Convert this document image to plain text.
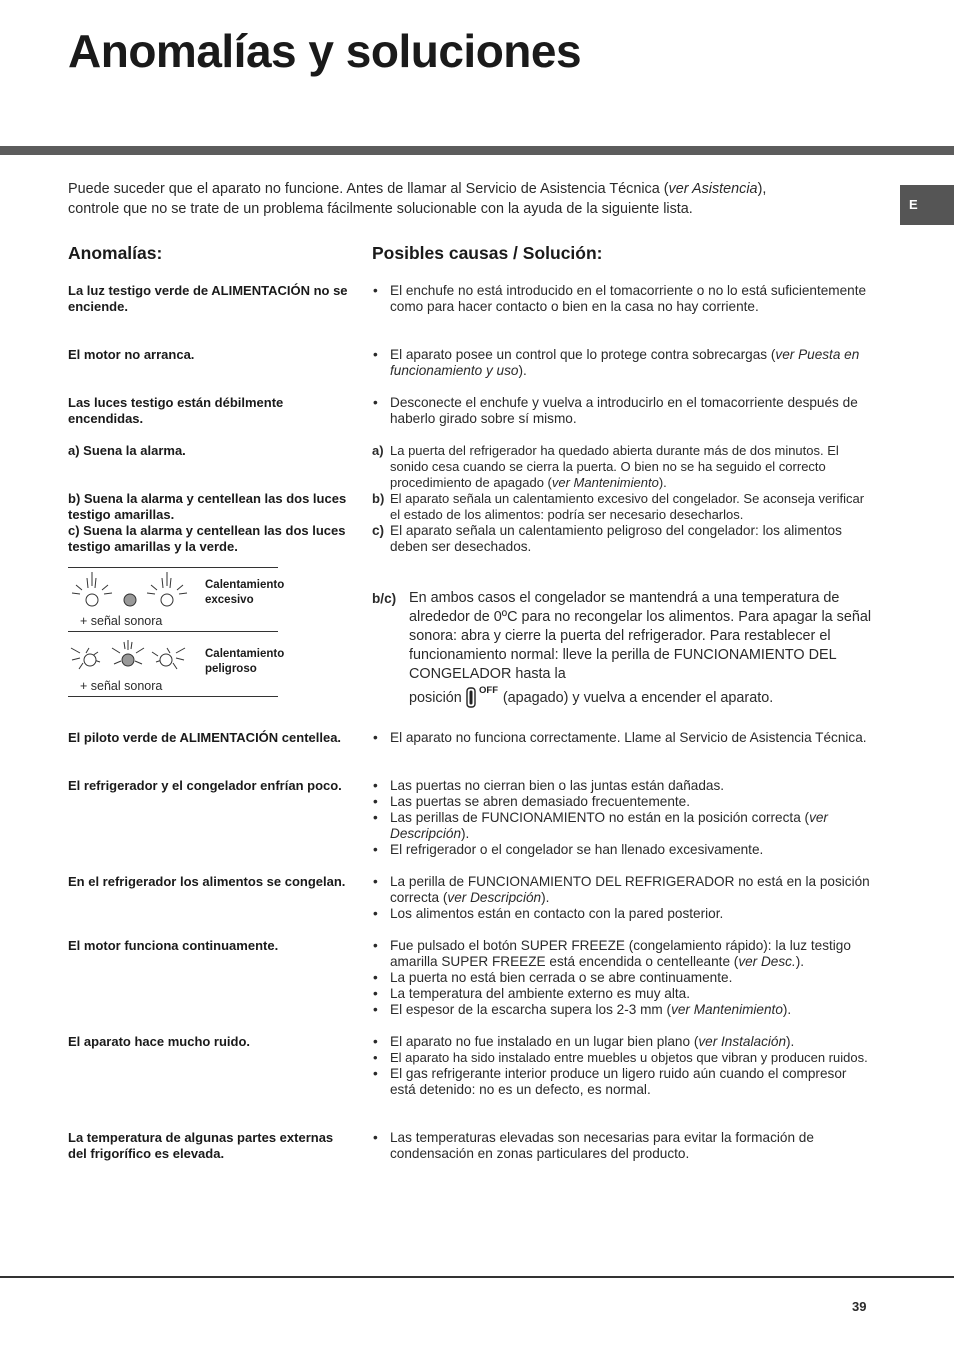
Anomalías y soluciones
E
Puede suceder que el aparato no funcione. Antes de llamar al Servicio de Asistencia Técnica (ver Asistencia),
controle que no se trate de un problema fácilmente solucionable con la ayuda de la siguiente lista.
Anomalías:	Posibles causas / Solución:
La luz testigo verde de ALIMENTACIÓN no se enciende.
El motor no arranca.
Las luces testigo están débilmente encendidas.
a) Suena la alarma.
b) Suena la alarma y centellean las dos luces testigo amarillas.
c) Suena la alarma y centellean las dos luces testigo amarillas y la verde.
Calentamiento excesivo
+ señal sonora
Calentamiento peligroso
+ señal sonora
El piloto verde de ALIMENTACIÓN centellea.
El refrigerador y el congelador enfrían poco.
En el refrigerador los alimentos se congelan.
El motor funciona continuamente.
El aparato hace mucho ruido.
La temperatura de algunas partes externas del frigorífico es elevada.
• El enchufe no está introducido en el tomacorriente o no lo está suficientemente como para hacer contacto o bien en la casa no hay corriente.
• El aparato posee un control que lo protege contra sobrecargas (ver Puesta en funcionamiento y uso).
• Desconecte el enchufe y vuelva a introducirlo en el tomacorriente después de haberlo girado sobre sí mismo.
a) La puerta del refrigerador ha quedado abierta durante más de dos minutos. El sonido cesa cuando se cierra la puerta. O bien no se ha seguido el correcto procedimiento de apagado (ver Mantenimiento).
b) El aparato señala un calentamiento excesivo del congelador. Se aconseja verificar el estado de los alimentos: podría ser necesario desecharlos.
c) El aparato señala un calentamiento peligroso del congelador: los alimentos deben ser desechados.
b/c) En ambos casos el congelador se mantendrá a una temperatura de alrededor de 0ºC para no recongelar los alimentos. Para apagar la señal sonora: abra y cierre la puerta del refrigerador. Para restablecer el funcionamiento normal: lleve la perilla de FUNCIONAMIENTO DEL CONGELADOR hasta la
posición OFF (apagado) y vuelva a encender el aparato.
• El aparato no funciona correctamente. Llame al Servicio de Asistencia Técnica.
• Las puertas no cierran bien o las juntas están dañadas.
• Las puertas se abren demasiado frecuentemente.
• Las perillas de FUNCIONAMIENTO no están en la posición correcta (ver Descripción).
• El refrigerador o el congelador se han llenado excesivamente.
• La perilla de FUNCIONAMIENTO DEL REFRIGERADOR no está en la posición correcta (ver Descripción).
• Los alimentos están en contacto con la pared posterior.
• Fue pulsado el botón SUPER FREEZE (congelamiento rápido): la luz testigo amarilla SUPER FREEZE está encendida o centelleante (ver Desc.).
• La puerta no está bien cerrada o se abre continuamente.
• La temperatura del ambiente externo es muy alta.
• El espesor de la escarcha supera los 2-3 mm (ver Mantenimiento).
• El aparato no fue instalado en un lugar bien plano (ver Instalación).
• El aparato ha sido instalado entre muebles u objetos que vibran y producen ruidos.
• El gas refrigerante interior produce un ligero ruido aún cuando el compresor está detenido: no es un defecto, es normal.
• Las temperaturas elevadas son necesarias para evitar la formación de condensación en zonas particulares del producto.
39
